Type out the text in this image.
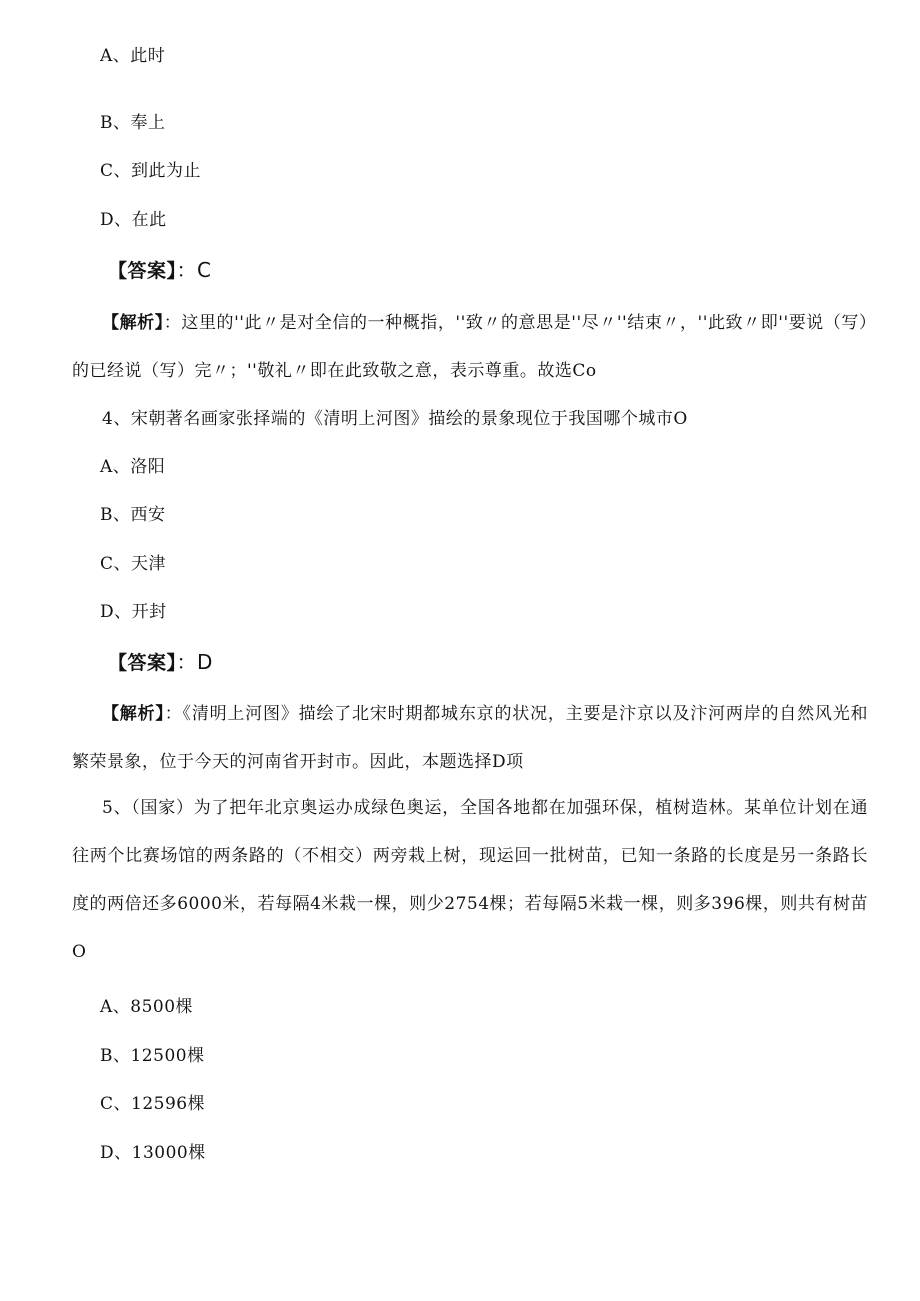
A、此时
B、奉上
C、到此为止
D、在此
【答案】：C
【解析】：这里的''此〃是对全信的一种概指，''致〃的意思是''尽〃''结束〃，''此致〃即''要说（写）的已经说（写）完〃；''敬礼〃即在此致敬之意，表示尊重。故选Co
4、宋朝著名画家张择端的《清明上河图》描绘的景象现位于我国哪个城市O
A、洛阳
B、西安
C、天津
D、开封
【答案】：D
【解析】：《清明上河图》描绘了北宋时期都城东京的状况，主要是汴京以及汴河两岸的自然风光和繁荣景象，位于今天的河南省开封市。因此，本题选择D项
5、（国家）为了把年北京奥运办成绿色奥运，全国各地都在加强环保，植树造林。某单位计划在通往两个比赛场馆的两条路的（不相交）两旁栽上树，现运回一批树苗，已知一条路的长度是另一条路长度的两倍还多6000米，若每隔4米栽一棵，则少2754棵；若每隔5米栽一棵，则多396棵，则共有树苗O
A、8500棵
B、12500棵
C、12596棵
D、13000棵
